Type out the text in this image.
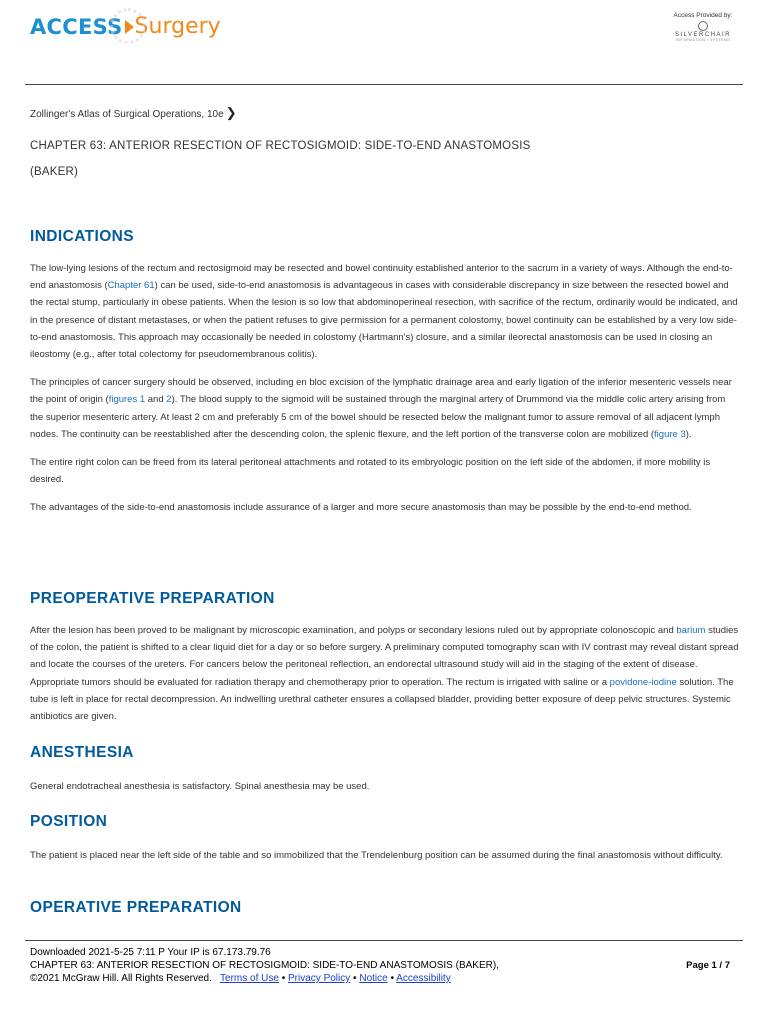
ACCESS Surgery	Access Provided by:
SILVERCHAIR
INFORMATION / SYSTEMS
Zollinger's Atlas of Surgical Operations, 10e ❯
CHAPTER 63: ANTERIOR RESECTION OF RECTOSIGMOID: SIDE-TO-END ANASTOMOSIS
(BAKER)
INDICATIONS

The low-lying lesions of the rectum and rectosigmoid may be resected and bowel continuity established anterior to the sacrum in a variety of ways. Although the end-to-end anastomosis (Chapter 61) can be used, side-to-end anastomosis is advantageous in cases with considerable discrepancy in size between the resected bowel and the rectal stump, particularly in obese patients. When the lesion is so low that abdominoperineal resection, with sacrifice of the rectum, ordinarily would be indicated, and in the presence of distant metastases, or when the patient refuses to give permission for a permanent colostomy, bowel continuity can be established by a very low side-to-end anastomosis. This approach may occasionally be needed in colostomy (Hartmann's) closure, and a similar ileorectal anastomosis can be used in closing an ileostomy (e.g., after total colectomy for pseudomembranous colitis).

The principles of cancer surgery should be observed, including en bloc excision of the lymphatic drainage area and early ligation of the inferior mesenteric vessels near the point of origin (figures 1 and 2). The blood supply to the sigmoid will be sustained through the marginal artery of Drummond via the middle colic artery arising from the superior mesenteric artery. At least 2 cm and preferably 5 cm of the bowel should be resected below the malignant tumor to assure removal of all adjacent lymph nodes. The continuity can be reestablished after the descending colon, the splenic flexure, and the left portion of the transverse colon are mobilized (figure 3).

The entire right colon can be freed from its lateral peritoneal attachments and rotated to its embryologic position on the left side of the abdomen, if more mobility is desired.

The advantages of the side-to-end anastomosis include assurance of a larger and more secure anastomosis than may be possible by the end-to-end method.

PREOPERATIVE PREPARATION

After the lesion has been proved to be malignant by microscopic examination, and polyps or secondary lesions ruled out by appropriate colonoscopic and barium studies of the colon, the patient is shifted to a clear liquid diet for a day or so before surgery. A preliminary computed tomography scan with IV contrast may reveal distant spread and locate the courses of the ureters. For cancers below the peritoneal reflection, an endorectal ultrasound study will aid in the staging of the extent of disease. Appropriate tumors should be evaluated for radiation therapy and chemotherapy prior to operation. The rectum is irrigated with saline or a povidone-iodine solution. The tube is left in place for rectal decompression. An indwelling urethral catheter ensures a collapsed bladder, providing better exposure of deep pelvic structures. Systemic antibiotics are given.

ANESTHESIA

General endotracheal anesthesia is satisfactory. Spinal anesthesia may be used.

POSITION

The patient is placed near the left side of the table and so immobilized that the Trendelenburg position can be assumed during the final anastomosis without difficulty.

OPERATIVE PREPARATION
Downloaded 2021-5-25 7:11 P Your IP is 67.173.79.76
CHAPTER 63: ANTERIOR RESECTION OF RECTOSIGMOID: SIDE-TO-END ANASTOMOSIS (BAKER),
©2021 McGraw Hill. All Rights Reserved. Terms of Use • Privacy Policy • Notice • Accessibility
Page 1 / 7
